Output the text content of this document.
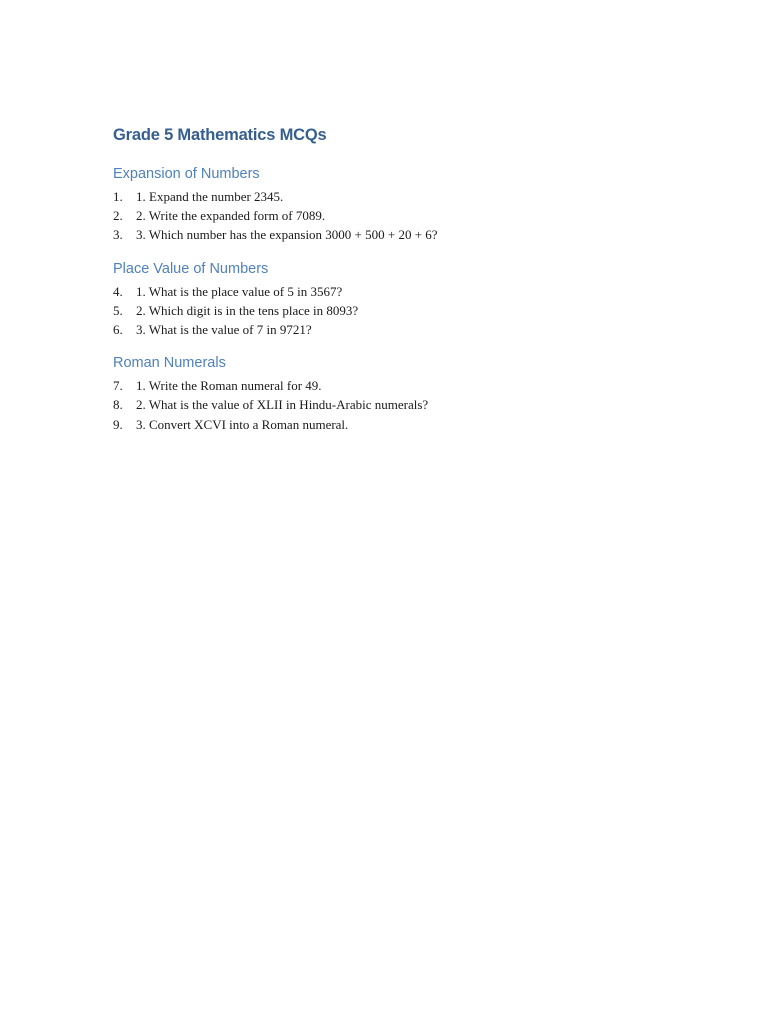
Grade 5 Mathematics MCQs
Expansion of Numbers
1.	1. Expand the number 2345.
2.	2. Write the expanded form of 7089.
3.	3. Which number has the expansion 3000 + 500 + 20 + 6?
Place Value of Numbers
4.	1. What is the place value of 5 in 3567?
5.	2. Which digit is in the tens place in 8093?
6.	3. What is the value of 7 in 9721?
Roman Numerals
7.	1. Write the Roman numeral for 49.
8.	2. What is the value of XLII in Hindu-Arabic numerals?
9.	3. Convert XCVI into a Roman numeral.
